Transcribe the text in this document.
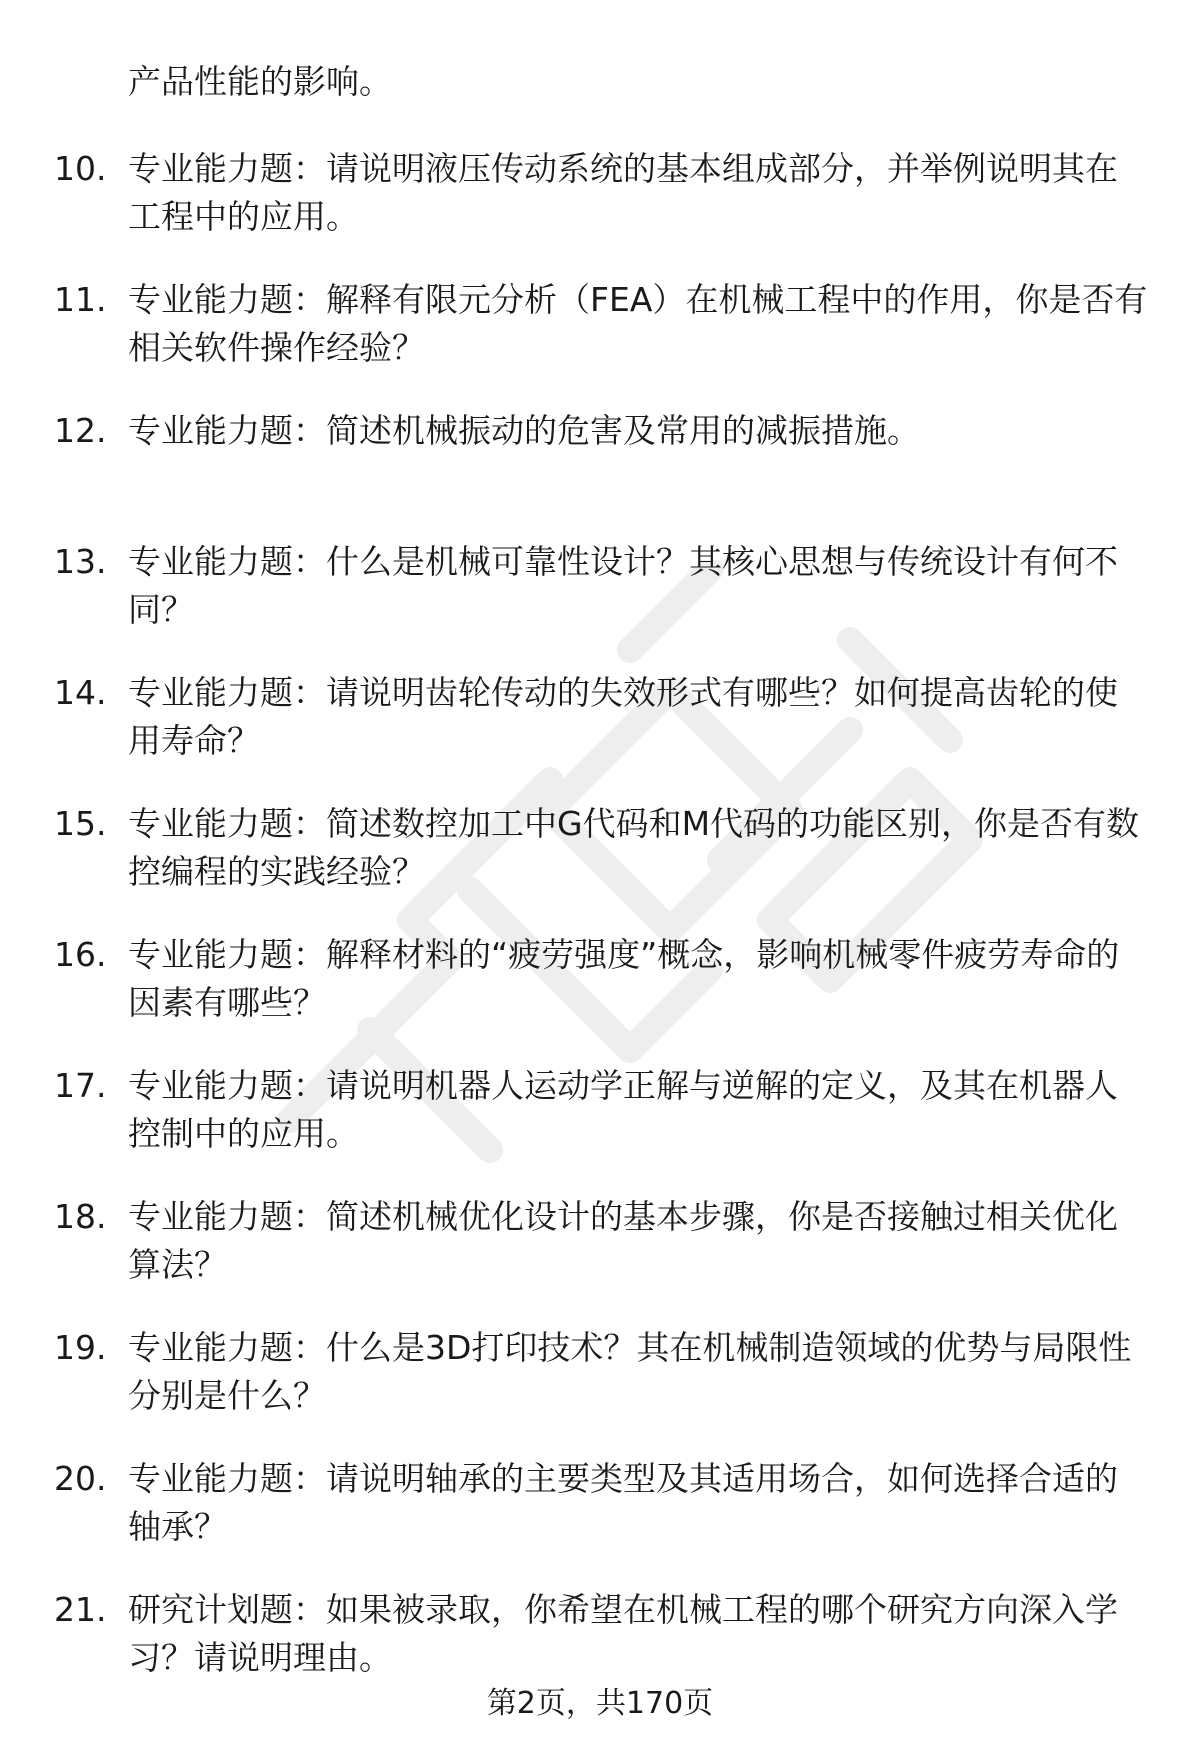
产品性能的影响。
10. 专业能力题：请说明液压传动系统的基本组成部分，并举例说明其在工程中的应用。
11. 专业能力题：解释有限元分析（FEA）在机械工程中的作用，你是否有相关软件操作经验？
12. 专业能力题：简述机械振动的危害及常用的减振措施。
13. 专业能力题：什么是机械可靠性设计？其核心思想与传统设计有何不同？
14. 专业能力题：请说明齿轮传动的失效形式有哪些？如何提高齿轮的使用寿命？
15. 专业能力题：简述数控加工中G代码和M代码的功能区别，你是否有数控编程的实践经验？
16. 专业能力题：解释材料的“疲劳强度”概念，影响机械零件疲劳寿命的因素有哪些？
17. 专业能力题：请说明机器人运动学正解与逆解的定义，及其在机器人控制中的应用。
18. 专业能力题：简述机械优化设计的基本步骤，你是否接触过相关优化算法？
19. 专业能力题：什么是3D打印技术？其在机械制造领域的优势与局限性分别是什么？
20. 专业能力题：请说明轴承的主要类型及其适用场合，如何选择合适的轴承？
21. 研究计划题：如果被录取，你希望在机械工程的哪个研究方向深入学习？请说明理由。
第2页，共170页
